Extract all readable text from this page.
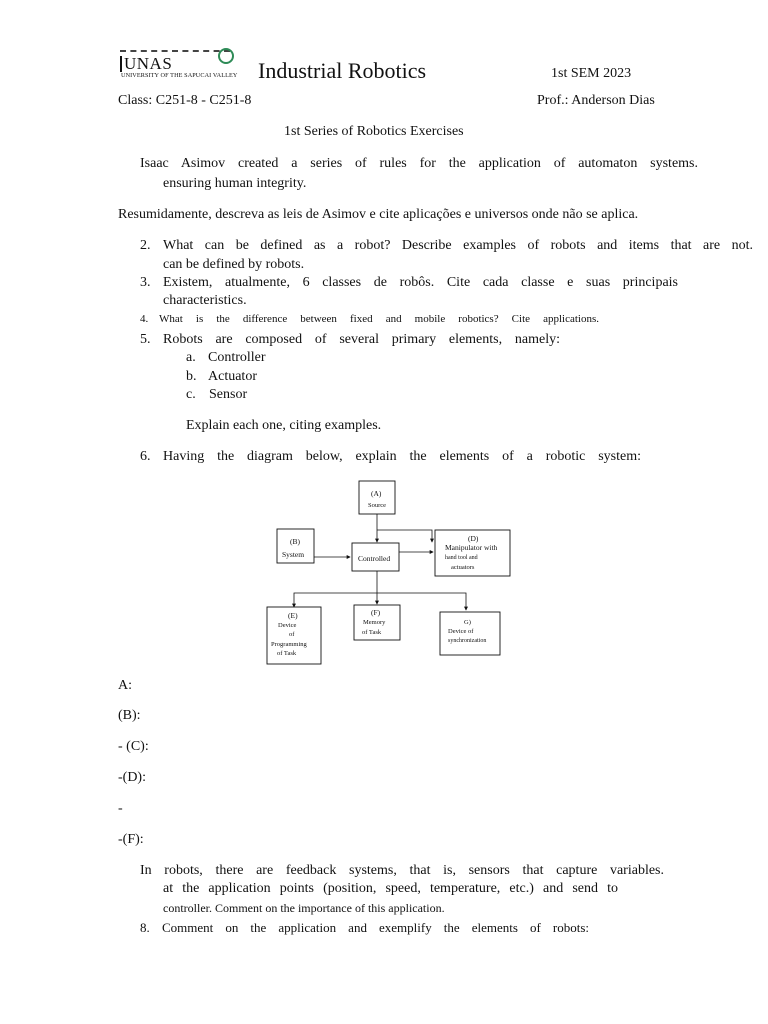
UNAS
UNIVERSITY OF THE SAPUCAI VALLEY Industrial Robotics	1st SEM 2023
Class: C251-8 - C251-8	Prof.: Anderson Dias
1st Series of Robotics Exercises
Isaac Asimov created a series of rules for the application of automaton systems.
ensuring human integrity.
Resumidamente, descreva as leis de Asimov e cite aplicações e universos onde não se aplica.
2. What can be defined as a robot? Describe examples of robots and items that are not.
can be defined by robots.
3. Existem, atualmente, 6 classes de robôs. Cite cada classe e suas principais
characteristics.
4. What is the difference between fixed and mobile robotics? Cite applications.
5. Robots are composed of several primary elements, namely:
a. Controller
b. Actuator
c. Sensor
Explain each one, citing examples.
6. Having the diagram below, explain the elements of a robotic system:
(A)
Source
(B)
System	Controlled
(D)
Manipulator with
hand tool and
actuators
(E)
Device
of
Programming
of Task
(F)
Memory
of Task
G)
Device of
synchronization
A:
(B):
- (C):
-(D):
-
-(F):
In robots, there are feedback systems, that is, sensors that capture variables.
at the application points (position, speed, temperature, etc.) and send to
controller. Comment on the importance of this application.
8. Comment on the application and exemplify the elements of robots:
